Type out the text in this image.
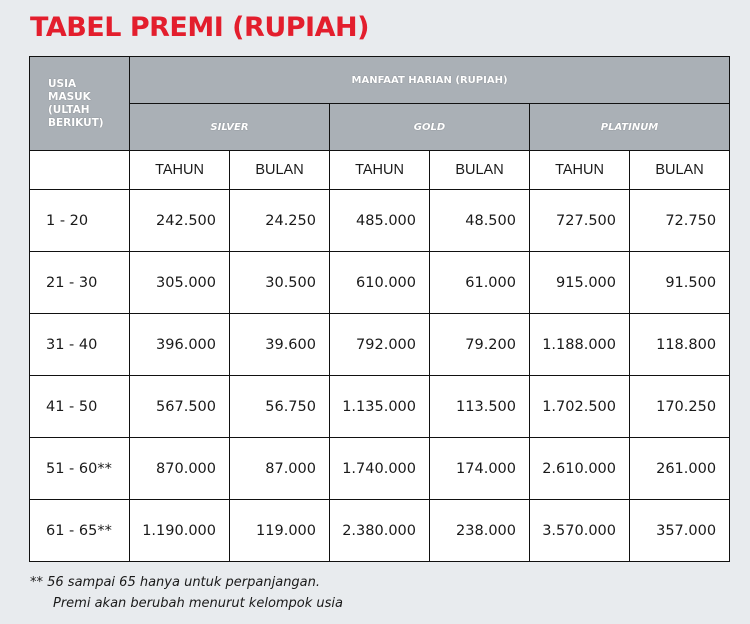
TABEL PREMI (RUPIAH)
USIA
MASUK
(ULTAH
BERIKUT)	MANFAAT HARIAN (RUPIAH)					
	SILVER		GOLD		PLATINUM	
	TAHUN	BULAN	TAHUN	BULAN	TAHUN	BULAN
1 - 20	242.500	24.250	485.000	48.500	727.500	72.750
21 - 30	305.000	30.500	610.000	61.000	915.000	91.500
31 - 40	396.000	39.600	792.000	79.200	1.188.000	118.800
41 - 50	567.500	56.750	1.135.000	113.500	1.702.500	170.250
51 - 60**	870.000	87.000	1.740.000	174.000	2.610.000	261.000
61 - 65**	1.190.000	119.000	2.380.000	238.000	3.570.000	357.000
** 56 sampai 65 hanya untuk perpanjangan.
Premi akan berubah menurut kelompok usia
